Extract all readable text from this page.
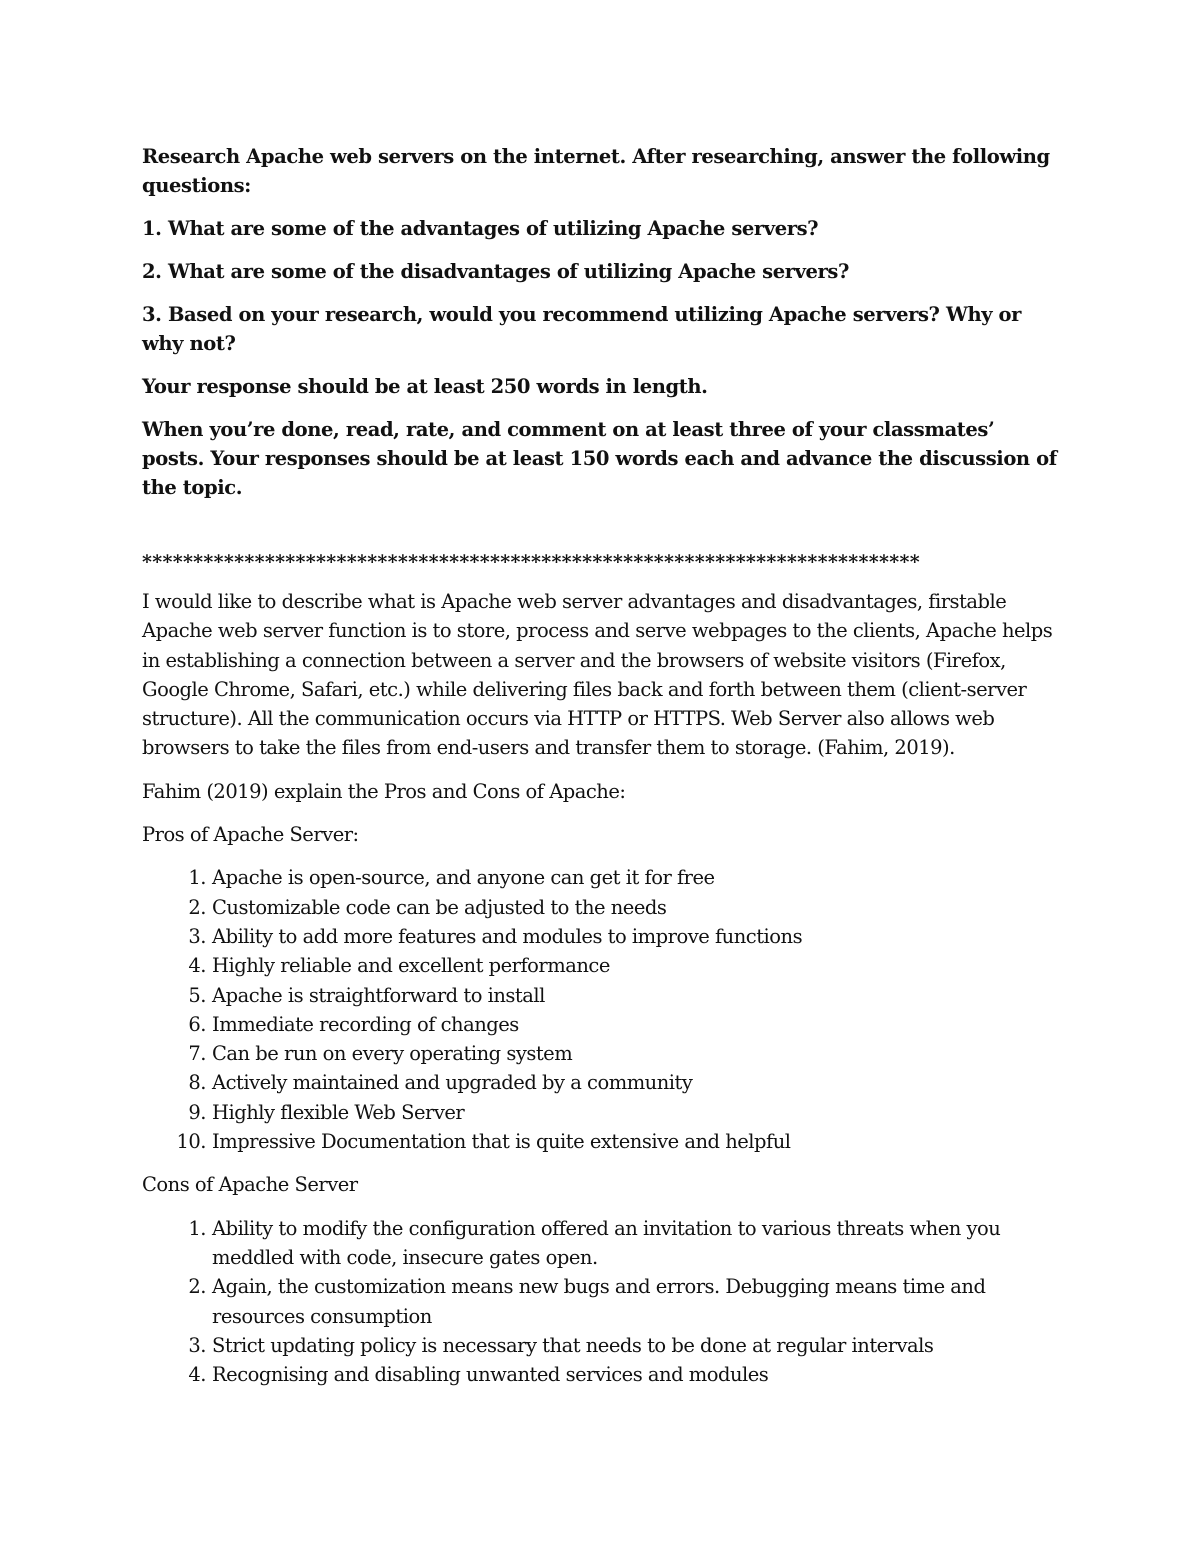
Research Apache web servers on the internet. After researching, answer the following questions:

1. What are some of the advantages of utilizing Apache servers?

2. What are some of the disadvantages of utilizing Apache servers?

3. Based on your research, would you recommend utilizing Apache servers? Why or why not?

Your response should be at least 250 words in length.

When you’re done, read, rate, and comment on at least three of your classmates’ posts. Your responses should be at least 150 words each and advance the discussion of the topic.

****************************************************************************

I would like to describe what is Apache web server advantages and disadvantages, firstable Apache web server function is to store, process and serve webpages to the clients, Apache helps in establishing a connection between a server and the browsers of website visitors (Firefox, Google Chrome, Safari, etc.) while delivering files back and forth between them (client-server structure). All the communication occurs via HTTP or HTTPS. Web Server also allows web browsers to take the files from end-users and transfer them to storage. (Fahim, 2019).

Fahim (2019) explain the Pros and Cons of Apache:

Pros of Apache Server:

1. Apache is open-source, and anyone can get it for free
2. Customizable code can be adjusted to the needs
3. Ability to add more features and modules to improve functions
4. Highly reliable and excellent performance
5. Apache is straightforward to install
6. Immediate recording of changes
7. Can be run on every operating system
8. Actively maintained and upgraded by a community
9. Highly flexible Web Server
10. Impressive Documentation that is quite extensive and helpful

Cons of Apache Server

1. Ability to modify the configuration offered an invitation to various threats when you meddled with code, insecure gates open.
2. Again, the customization means new bugs and errors. Debugging means time and resources consumption
3. Strict updating policy is necessary that needs to be done at regular intervals
4. Recognising and disabling unwanted services and modules
